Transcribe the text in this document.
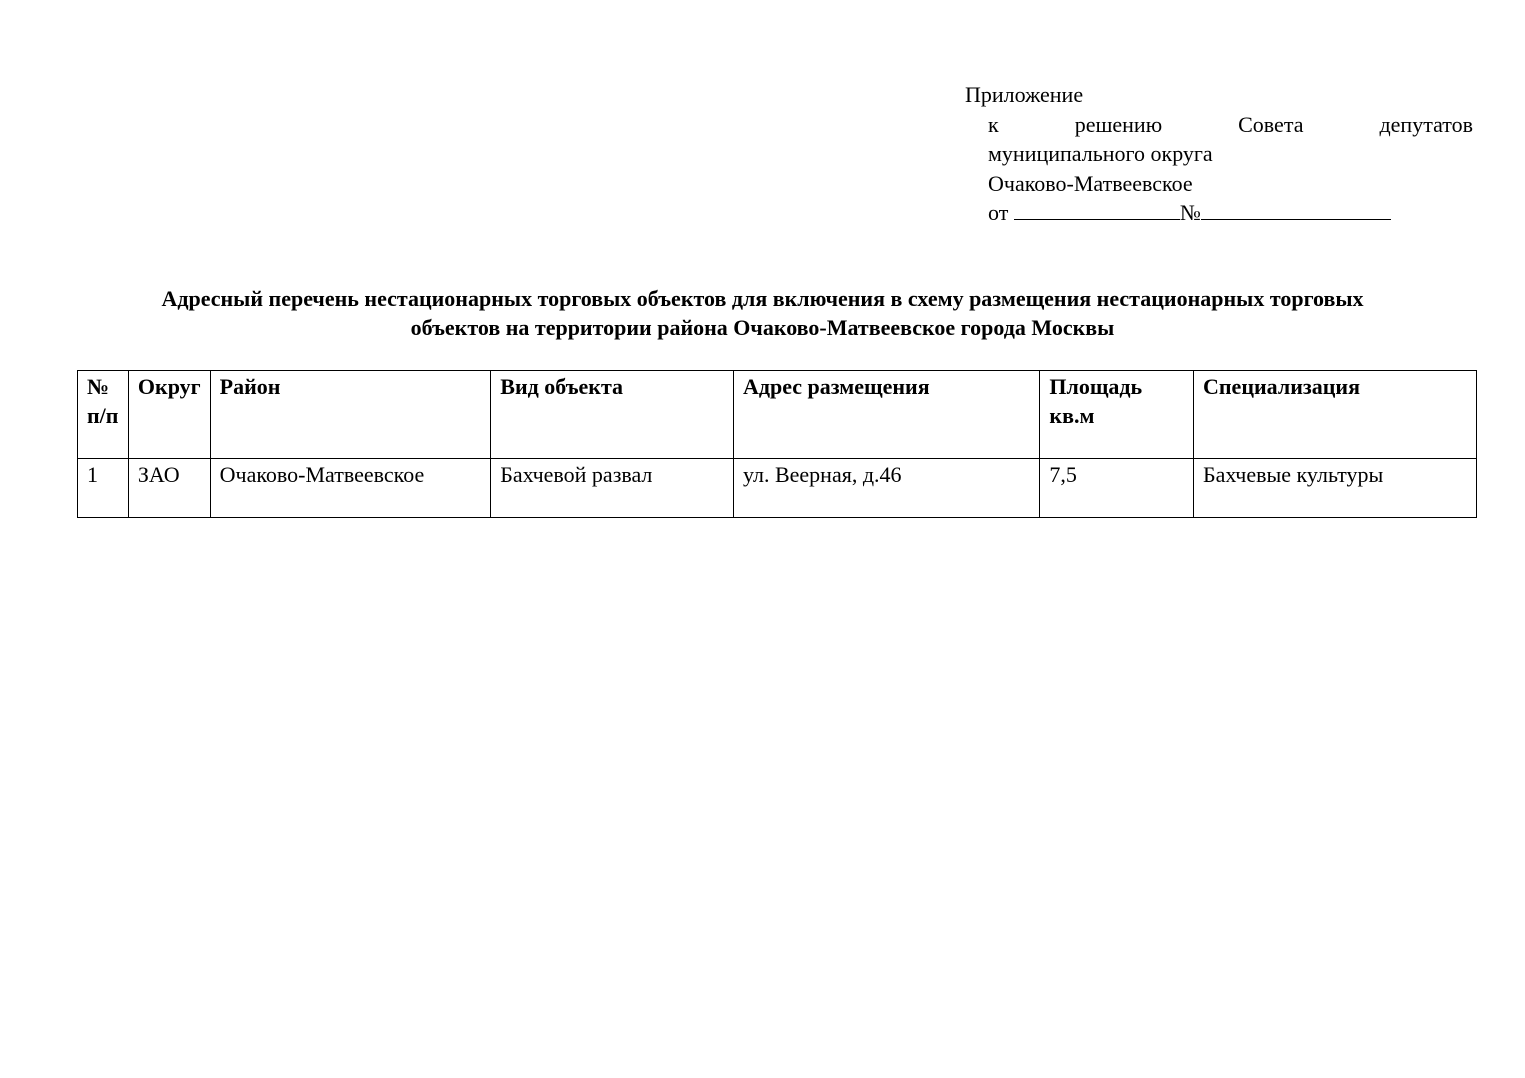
Приложение
к	решению	Совета	депутатов
муниципального округа
Очаково-Матвеевское
от	№
Адресный перечень нестационарных торговых объектов для включения в схему размещения нестационарных торговых
объектов на территории района Очаково-Матвеевское города Москвы
№ п/п	Округ	Район	Вид объекта	Адрес размещения	Площадь кв.м	Специализация
1	ЗАО	Очаково-Матвеевское	Бахчевой развал	ул. Веерная, д.46	7,5	Бахчевые культуры
